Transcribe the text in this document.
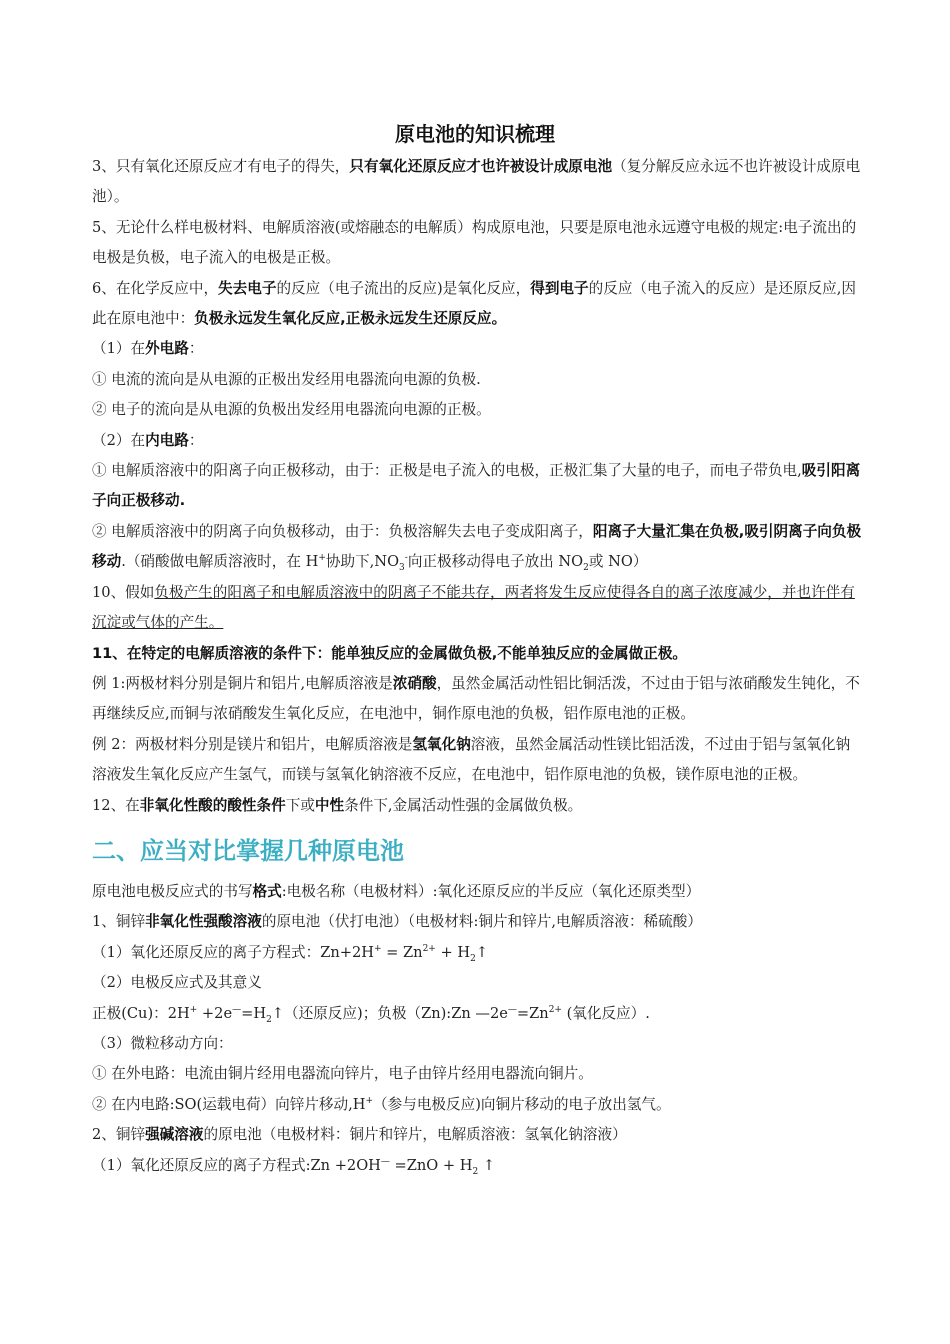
原电池的知识梳理

3、只有氧化还原反应才有电子的得失，只有氧化还原反应才也许被设计成原电池（复分解反应永远不也许被设计成原电池）。

5、无论什么样电极材料、电解质溶液(或熔融态的电解质）构成原电池，只要是原电池永远遵守电极的规定:电子流出的电极是负极，电子流入的电极是正极。

6、在化学反应中，失去电子的反应（电子流出的反应)是氧化反应，得到电子的反应（电子流入的反应）是还原反应,因此在原电池中：负极永远发生氧化反应,正极永远发生还原反应。

（1）在外电路：

① 电流的流向是从电源的正极出发经用电器流向电源的负极.

② 电子的流向是从电源的负极出发经用电器流向电源的正极。

（2）在内电路：

① 电解质溶液中的阳离子向正极移动，由于：正极是电子流入的电极，正极汇集了大量的电子，而电子带负电,吸引阳离子向正极移动.

② 电解质溶液中的阴离子向负极移动，由于：负极溶解失去电子变成阳离子，阳离子大量汇集在负极,吸引阴离子向负极移动.（硝酸做电解质溶液时，在 H+协助下$,NO_3^-$向正极移动得电子放出 $NO_2$或 NO）

10、假如负极产生的阳离子和电解质溶液中的阴离子不能共存，两者将发生反应使得各自的离子浓度减少，并也许伴有沉淀或气体的产生。

11、在特定的电解质溶液的条件下：能单独反应的金属做负极,不能单独反应的金属做正极。

例 1:两极材料分别是铜片和铝片,电解质溶液是浓硝酸，虽然金属活动性铝比铜活泼，不过由于铝与浓硝酸发生钝化，不再继续反应,而铜与浓硝酸发生氧化反应，在电池中，铜作原电池的负极，铝作原电池的正极。

例 2：两极材料分别是镁片和铝片，电解质溶液是氢氧化钠溶液，虽然金属活动性镁比铝活泼，不过由于铝与氢氧化钠溶液发生氧化反应产生氢气，而镁与氢氧化钠溶液不反应，在电池中，铝作原电池的负极，镁作原电池的正极。

12、在非氧化性酸的酸性条件下或中性条件下,金属活动性强的金属做负极。

二、应当对比掌握几种原电池

原电池电极反应式的书写格式:电极名称（电极材料）:氧化还原反应的半反应（氧化还原类型）

1、铜锌非氧化性强酸溶液的原电池（伏打电池）（电极材料:铜片和锌片,电解质溶液：稀硫酸）

（1）氧化还原反应的离子方程式：$Zn+2H^+ = Zn^{2+}$ + $H_2↑$

（2）电极反应式及其意义

正极(Cu)：$2H^+ +2e^—=H_2↑$（还原反应)；负极（Zn):Zn $—2e^—=Zn^{2+}$ (氧化反应）.

（3）微粒移动方向：

① 在外电路：电流由铜片经用电器流向锌片，电子由锌片经用电器流向铜片。

② 在内电路:SO(运载电荷）向锌片移动,H+（参与电极反应)向铜片移动的电子放出氢气。

2、铜锌强碱溶液的原电池（电极材料：铜片和锌片，电解质溶液：氢氧化钠溶液）

（1）氧化还原反应的离子方程式:Zn $+2OH^— =ZnO + H_2$ ↑
